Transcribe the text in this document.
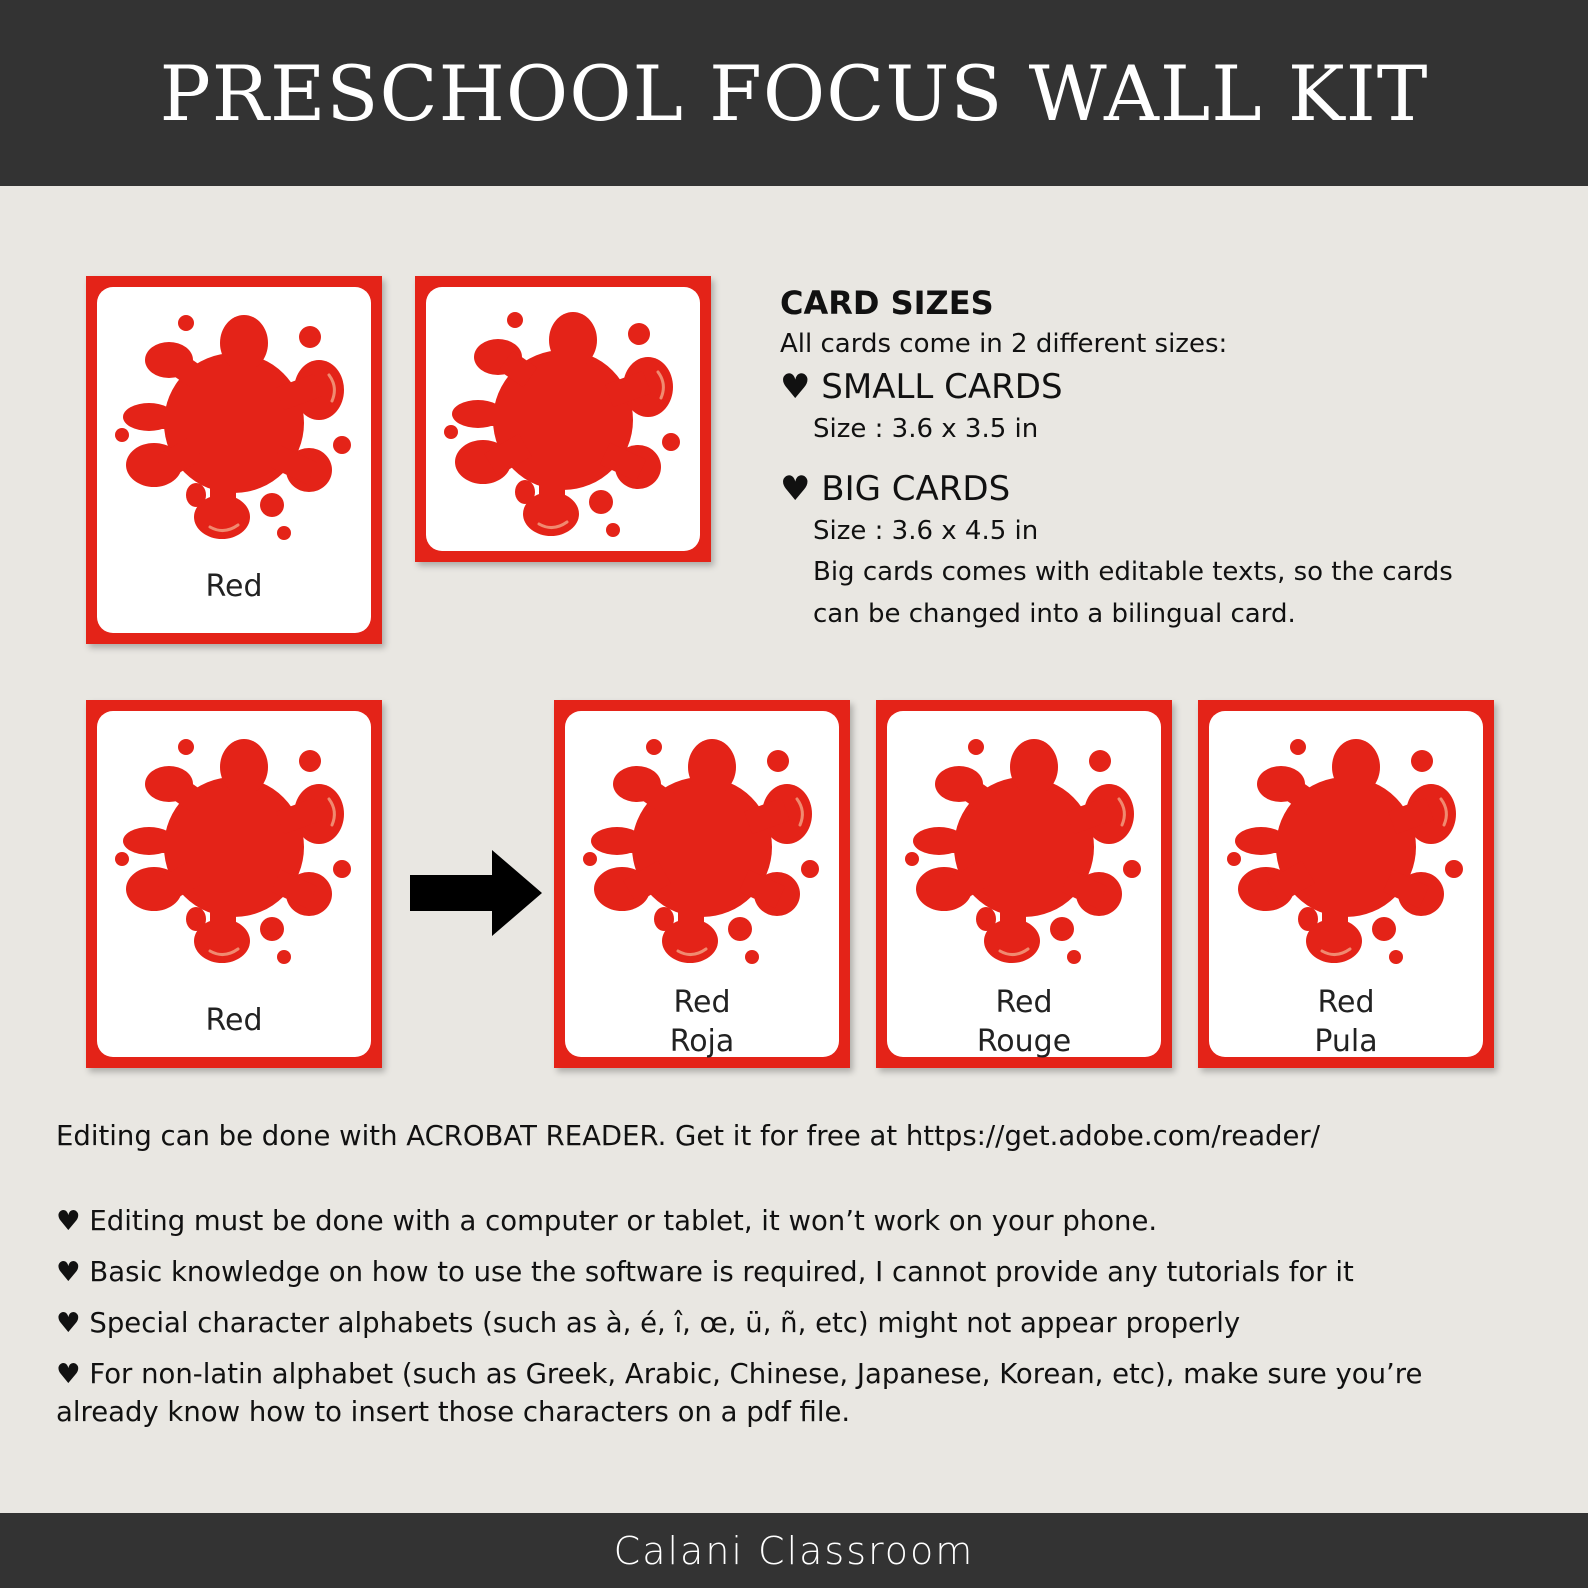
PRESCHOOL FOCUS WALL KIT
Red
CARD SIZES
All cards come in 2 different sizes:
♥ SMALL CARDS
Size : 3.6 x 3.5 in
♥ BIG CARDS
Size : 3.6 x 4.5 in
Big cards comes with editable texts, so the cards
can be changed into a bilingual card.
Red
Red
Roja
Red
Rouge
Red
Pula
Editing can be done with ACROBAT READER. Get it for free at https://get.adobe.com/reader/
♥ Editing must be done with a computer or tablet, it won’t work on your phone.
♥ Basic knowledge on how to use the software is required, I cannot provide any tutorials for it
♥ Special character alphabets (such as à, é, î, œ, ü, ñ, etc) might not appear properly
♥ For non-latin alphabet (such as Greek, Arabic, Chinese, Japanese, Korean, etc), make sure you’re already know how to insert those characters on a pdf file.
Calani Classroom
